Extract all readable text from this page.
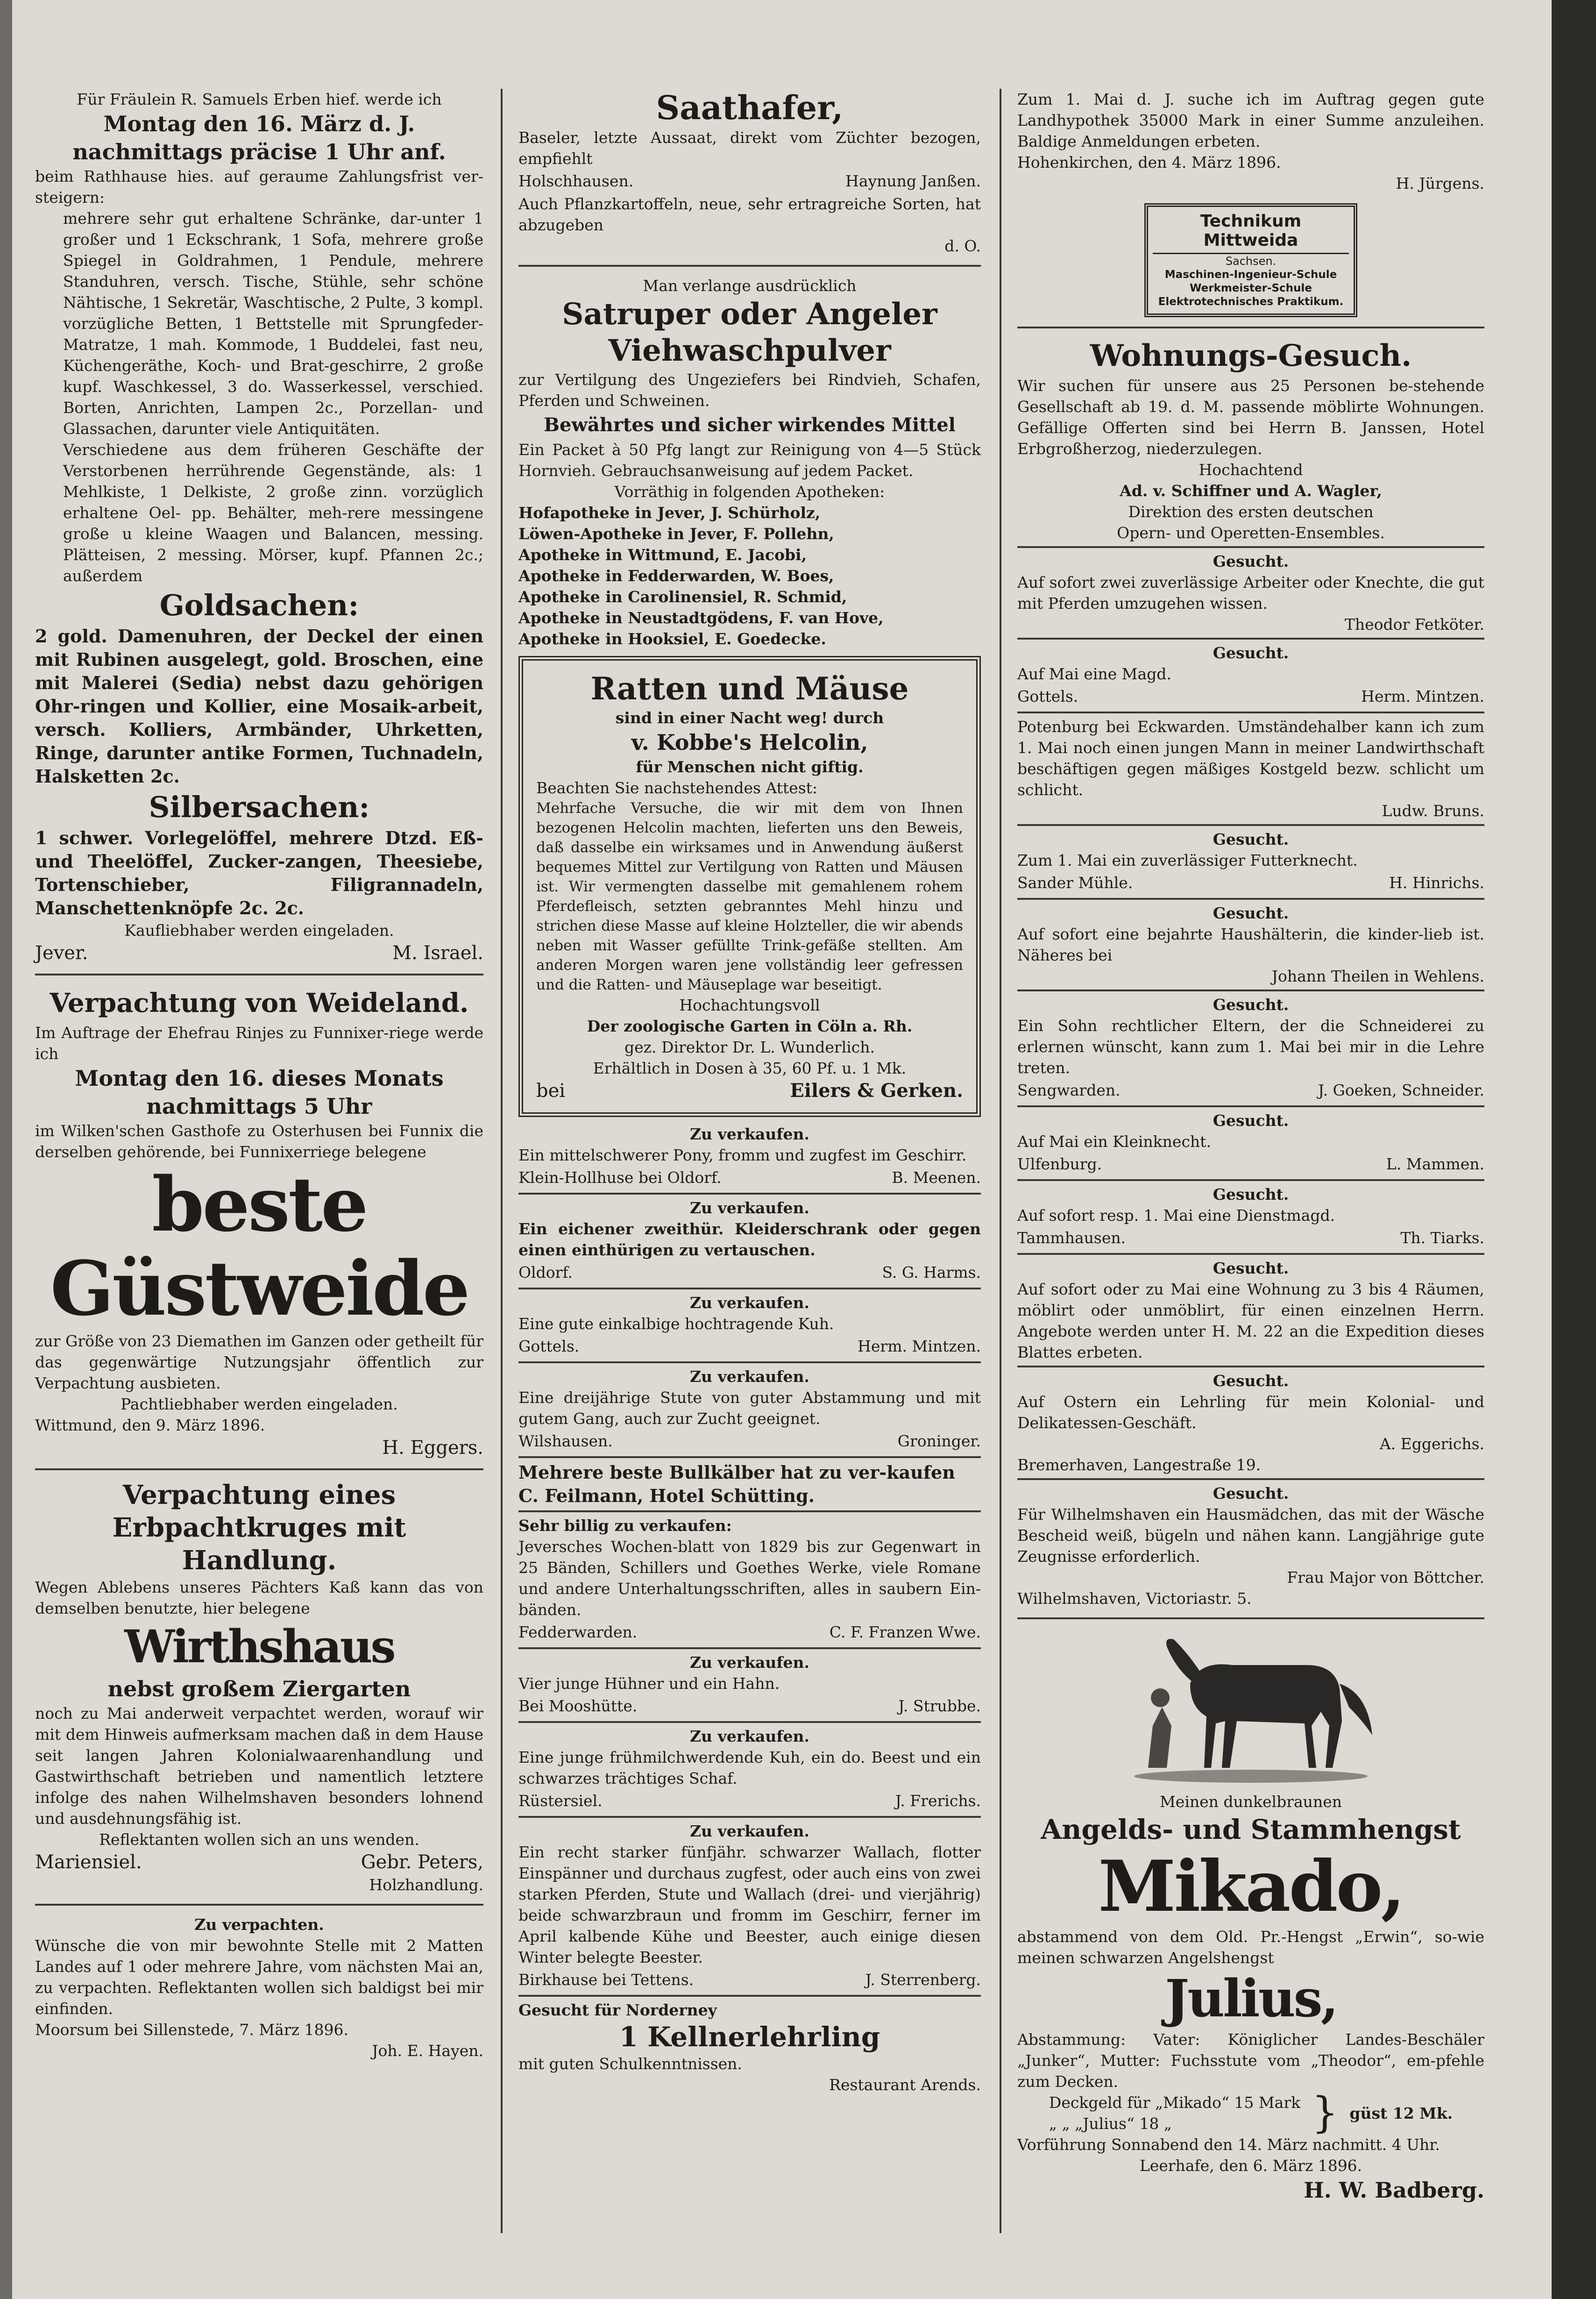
Für Fräulein R. Samuels Erben hief. werde ich

Montag den 16. März d. J.

nachmittags präcise 1 Uhr anf.

beim Rathhause hies. auf geraume Zahlungsfrist ver-steigern:

mehrere sehr gut erhaltene Schränke, dar-unter 1 großer und 1 Eckschrank, 1 Sofa, mehrere große Spiegel in Goldrahmen, 1 Pendule, mehrere Standuhren, versch. Tische, Stühle, sehr schöne Nähtische, 1 Sekretär, Waschtische, 2 Pulte, 3 kompl. vorzügliche Betten, 1 Bettstelle mit Sprungfeder-Matratze, 1 mah. Kommode, 1 Buddelei, fast neu, Küchengeräthe, Koch- und Brat-geschirre, 2 große kupf. Waschkessel, 3 do. Wasserkessel, verschied. Borten, Anrichten, Lampen 2c., Porzellan- und Glassachen, darunter viele Antiquitäten.

Verschiedene aus dem früheren Geschäfte der Verstorbenen herrührende Gegenstände, als: 1 Mehlkiste, 1 Delkiste, 2 große zinn. vorzüglich erhaltene Oel- pp. Behälter, meh-rere messingene große u kleine Waagen und Balancen, messing. Plätteisen, 2 messing. Mörser, kupf. Pfannen 2c.; außerdem

Goldsachen:

2 gold. Damenuhren, der Deckel der einen mit Rubinen ausgelegt, gold. Broschen, eine mit Malerei (Sedia) nebst dazu gehörigen Ohr-ringen und Kollier, eine Mosaik-arbeit, versch. Kolliers, Armbänder, Uhrketten, Ringe, darunter antike Formen, Tuchnadeln, Halsketten 2c.

Silbersachen:

1 schwer. Vorlegelöffel, mehrere Dtzd. Eß- und Theelöffel, Zucker-zangen, Theesiebe, Tortenschieber, Filigrannadeln, Manschettenknöpfe 2c. 2c.

Kaufliebhaber werden eingeladen.

Jever.	M. Israel.

Verpachtung von Weideland.

Im Auftrage der Ehefrau Rinjes zu Funnixer-riege werde ich

Montag den 16. dieses Monats

nachmittags 5 Uhr

im Wilken'schen Gasthofe zu Osterhusen bei Funnix die derselben gehörende, bei Funnixerriege belegene

beste Güstweide

zur Größe von 23 Diemathen im Ganzen oder getheilt für das gegenwärtige Nutzungsjahr öffentlich zur Verpachtung ausbieten.

Pachtliebhaber werden eingeladen.

Wittmund, den 9. März 1896.

H. Eggers.

Verpachtung eines

Erbpachtkruges mit Handlung.

Wegen Ablebens unseres Pächters Kaß kann das von demselben benutzte, hier belegene

Wirthshaus

nebst großem Ziergarten

noch zu Mai anderweit verpachtet werden, worauf wir mit dem Hinweis aufmerksam machen daß in dem Hause seit langen Jahren Kolonialwaarenhandlung und Gastwirthschaft betrieben und namentlich letztere infolge des nahen Wilhelmshaven besonders lohnend und ausdehnungsfähig ist.

Reflektanten wollen sich an uns wenden.

Mariensiel.	Gebr. Peters,

Holzhandlung.

Zu verpachten.

Wünsche die von mir bewohnte Stelle mit 2 Matten Landes auf 1 oder mehrere Jahre, vom nächsten Mai an, zu verpachten. Reflektanten wollen sich baldigst bei mir einfinden.

Moorsum bei Sillenstede, 7. März 1896.

Joh. E. Hayen.

Saathafer,

Baseler, letzte Aussaat, direkt vom Züchter bezogen, empfiehlt

Holschhausen.	Haynung Janßen.

Auch Pflanzkartoffeln, neue, sehr ertragreiche Sorten, hat abzugeben

d. O.

Man verlange ausdrücklich

Satruper oder Angeler

Viehwaschpulver

zur Vertilgung des Ungeziefers bei Rindvieh, Schafen, Pferden und Schweinen.

Bewährtes und sicher wirkendes Mittel

Ein Packet à 50 Pfg langt zur Reinigung von 4—5 Stück Hornvieh. Gebrauchsanweisung auf jedem Packet.

Vorräthig in folgenden Apotheken:

Hofapotheke in Jever, J. Schürholz,

Löwen-Apotheke in Jever, F. Pollehn,

Apotheke in Wittmund, E. Jacobi,

Apotheke in Fedderwarden, W. Boes,

Apotheke in Carolinensiel, R. Schmid,

Apotheke in Neustadtgödens, F. van Hove,

Apotheke in Hooksiel, E. Goedecke.

Ratten und Mäuse

sind in einer Nacht weg! durch

v. Kobbe's Helcolin,

für Menschen nicht giftig.

Beachten Sie nachstehendes Attest:

Mehrfache Versuche, die wir mit dem von Ihnen bezogenen Helcolin machten, lieferten uns den Beweis, daß dasselbe ein wirksames und in Anwendung äußerst bequemes Mittel zur Vertilgung von Ratten und Mäusen ist. Wir vermengten dasselbe mit gemahlenem rohem Pferdefleisch, setzten gebranntes Mehl hinzu und strichen diese Masse auf kleine Holzteller, die wir abends neben mit Wasser gefüllte Trink-gefäße stellten. Am anderen Morgen waren jene vollständig leer gefressen und die Ratten- und Mäuseplage war beseitigt.

Hochachtungsvoll

Der zoologische Garten in Cöln a. Rh.

gez. Direktor Dr. L. Wunderlich.

Erhältlich in Dosen à 35, 60 Pf. u. 1 Mk.

bei	Eilers & Gerken.

Zu verkaufen.

Ein mittelschwerer Pony, fromm und zugfest im Geschirr.

Klein-Hollhuse bei Oldorf.	B. Meenen.

Zu verkaufen.

Ein eichener zweithür. Kleiderschrank oder gegen einen einthürigen zu vertauschen.

Oldorf.	S. G. Harms.

Zu verkaufen.

Eine gute einkalbige hochtragende Kuh.

Gottels.	Herm. Mintzen.

Zu verkaufen.

Eine dreijährige Stute von guter Abstammung und mit gutem Gang, auch zur Zucht geeignet.

Wilshausen.	Groninger.

Mehrere beste Bullkälber hat zu ver-kaufen C. Feilmann, Hotel Schütting.

Sehr billig zu verkaufen:

Jeversches Wochen-blatt von 1829 bis zur Gegenwart in 25 Bänden, Schillers und Goethes Werke, viele Romane und andere Unterhaltungsschriften, alles in saubern Ein-bänden.

Fedderwarden.	C. F. Franzen Wwe.

Zu verkaufen.

Vier junge Hühner und ein Hahn.

Bei Mooshütte.	J. Strubbe.

Zu verkaufen.

Eine junge frühmilchwerdende Kuh, ein do. Beest und ein schwarzes trächtiges Schaf.

Rüstersiel.	J. Frerichs.

Zu verkaufen.

Ein recht starker fünfjähr. schwarzer Wallach, flotter Einspänner und durchaus zugfest, oder auch eins von zwei starken Pferden, Stute und Wallach (drei- und vierjährig) beide schwarzbraun und fromm im Geschirr, ferner im April kalbende Kühe und Beester, auch einige diesen Winter belegte Beester.

Birkhause bei Tettens.	J. Sterrenberg.

Gesucht für Norderney

1 Kellnerlehrling

mit guten Schulkenntnissen.

Restaurant Arends.

Zum 1. Mai d. J. suche ich im Auftrag gegen gute Landhypothek 35000 Mark in einer Summe anzuleihen. Baldige Anmeldungen erbeten.

Hohenkirchen, den 4. März 1896.

H. Jürgens.

Technikum Mittweida
Sachsen.
Maschinen-Ingenieur-Schule
Werkmeister-Schule
Elektrotechnisches Praktikum.

Wohnungs-Gesuch.

Wir suchen für unsere aus 25 Personen be-stehende Gesellschaft ab 19. d. M. passende möblirte Wohnungen. Gefällige Offerten sind bei Herrn B. Janssen, Hotel Erbgroßherzog, niederzulegen.

Hochachtend

Ad. v. Schiffner und A. Wagler,

Direktion des ersten deutschen

Opern- und Operetten-Ensembles.

Gesucht.

Auf sofort zwei zuverlässige Arbeiter oder Knechte, die gut mit Pferden umzugehen wissen.

Theodor Fetköter.

Gesucht.

Auf Mai eine Magd.

Gottels.	Herm. Mintzen.

Potenburg bei Eckwarden. Umständehalber kann ich zum 1. Mai noch einen jungen Mann in meiner Landwirthschaft beschäftigen gegen mäßiges Kostgeld bezw. schlicht um schlicht.

Ludw. Bruns.

Gesucht.

Zum 1. Mai ein zuverlässiger Futterknecht.

Sander Mühle.	H. Hinrichs.

Gesucht.

Auf sofort eine bejahrte Haushälterin, die kinder-lieb ist. Näheres bei

Johann Theilen in Wehlens.

Gesucht.

Ein Sohn rechtlicher Eltern, der die Schneiderei zu erlernen wünscht, kann zum 1. Mai bei mir in die Lehre treten.

Sengwarden.	J. Goeken, Schneider.

Gesucht.

Auf Mai ein Kleinknecht.

Ulfenburg.	L. Mammen.

Gesucht.

Auf sofort resp. 1. Mai eine Dienstmagd.

Tammhausen.	Th. Tiarks.

Gesucht.

Auf sofort oder zu Mai eine Wohnung zu 3 bis 4 Räumen, möblirt oder unmöblirt, für einen einzelnen Herrn. Angebote werden unter H. M. 22 an die Expedition dieses Blattes erbeten.

Gesucht.

Auf Ostern ein Lehrling für mein Kolonial- und Delikatessen-Geschäft.

A. Eggerichs.

Bremerhaven, Langestraße 19.

Gesucht.

Für Wilhelmshaven ein Hausmädchen, das mit der Wäsche Bescheid weiß, bügeln und nähen kann. Langjährige gute Zeugnisse erforderlich.

Frau Major von Böttcher.

Wilhelmshaven, Victoriastr. 5.

Meinen dunkelbraunen

Angelds- und Stammhengst

Mikado,

abstammend von dem Old. Pr.-Hengst „Erwin“, so-wie meinen schwarzen Angelshengst

Julius,

Abstammung: Vater: Königlicher Landes-Beschäler „Junker“, Mutter: Fuchsstute vom „Theodor“, em-pfehle zum Decken.

Deckgeld für „Mikado“ 15 Mark

„ „ „Julius“ 18 „	} güst 12 Mk.

Vorführung Sonnabend den 14. März nachmitt. 4 Uhr.

Leerhafe, den 6. März 1896.

H. W. Badberg.
